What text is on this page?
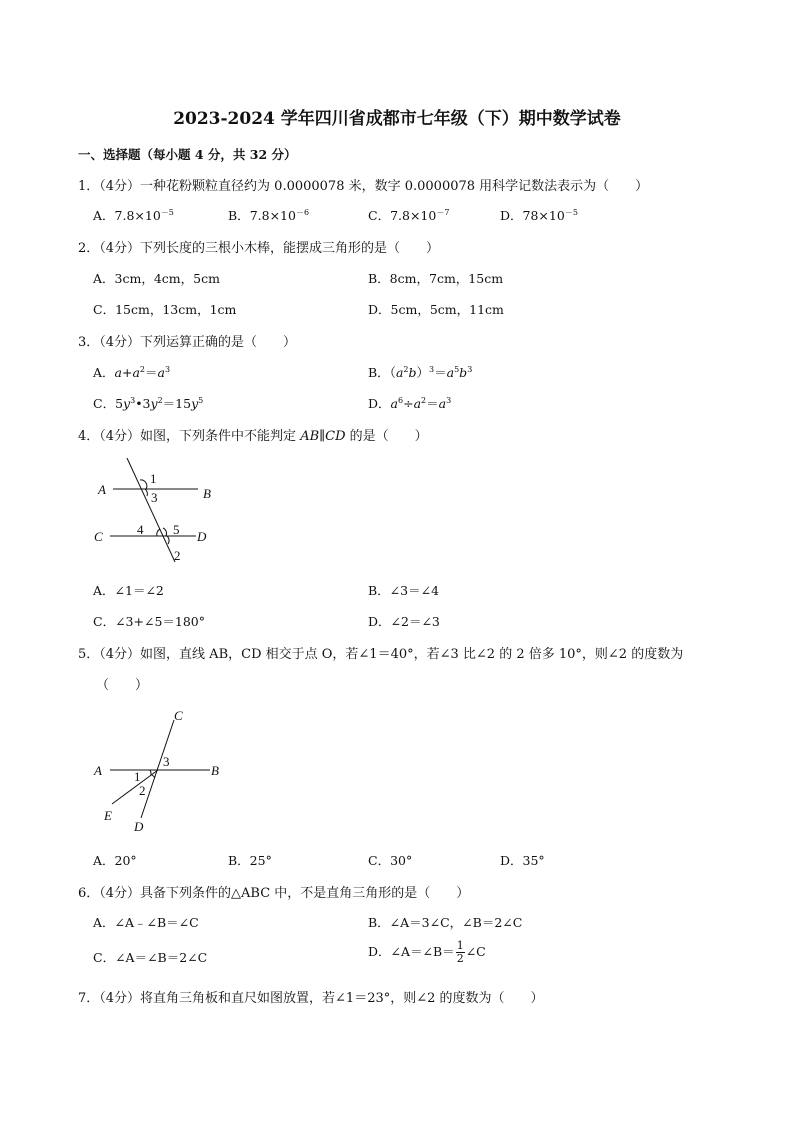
2023-2024 学年四川省成都市七年级（下）期中数学试卷
一、选择题（每小题 4 分，共 32 分）
1．（4分）一种花粉颗粒直径约为 0.0000078 米，数字 0.0000078 用科学记数法表示为（　　）
A．$7.8\times 10^{-5}$	B．$7.8\times 10^{-6}$	C．$7.8\times 10^{-7}$	D．$78\times 10^{-5}$
2．（4分）下列长度的三根小木棒，能摆成三角形的是（　　）
A．3cm，4cm，5cm	B．8cm，7cm，15cm
C．15cm，13cm，1cm	D．5cm，5cm，11cm
3．（4分）下列运算正确的是（　　）
A．$a+a^2=a^3$	B．$(a^2b)^3=a^5b^3$
C．$5y^3•3y^2=15y^5$	D．$a^6\div a^2=a^3$
4．（4分）如图，下列条件中不能判定 AB∥CD 的是（　　）
A	B
C	D
1
3
4 5
2
A．∠1＝∠2	B．∠3＝∠4
C．∠3+∠5＝180°	D．∠2＝∠3
5．（4分）如图，直线 AB，CD 相交于点 O，若∠1＝40°，若∠3 比∠2 的 2 倍多 10°，则∠2 的度数为
（　　）
C
A	B
E
D
1
2
3
A．20°	B．25°	C．30°	D．35°
6．（4分）具备下列条件的△ABC 中，不是直角三角形的是（　　）
A．∠A﹣∠B＝∠C	B．∠A＝3∠C，∠B＝2∠C
C．∠A＝∠B＝2∠C	D．∠A＝∠B＝ $\frac{1}{2}$ ∠C
7．（4分）将直角三角板和直尺如图放置，若∠1＝23°，则∠2 的度数为（　　）
